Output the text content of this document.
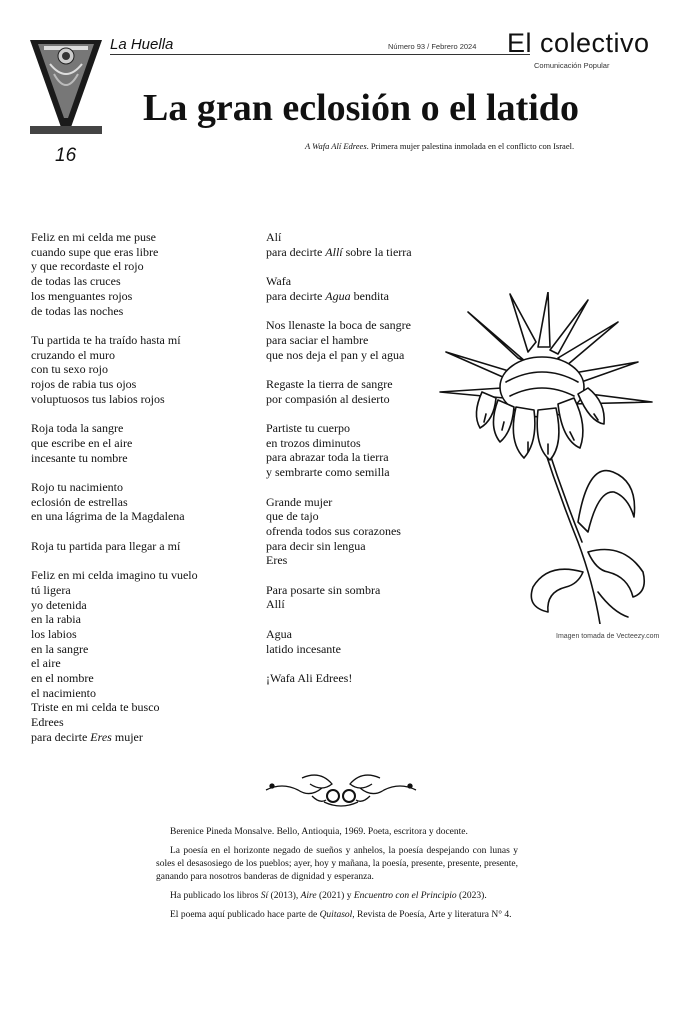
La Huella	Número 93 / Febrero 2024 El colectivo
Comunicación Popular
La gran eclosión o el latido
16	A Wafa Alí Edrees. Primera mujer palestina inmolada en el conflicto con Israel.
Feliz en mi celda me puse
cuando supe que eras libre
y que recordaste el rojo
de todas las cruces
los menguantes rojos
de todas las noches
Tu partida te ha traído hasta mí
cruzando el muro
con tu sexo rojo
rojos de rabia tus ojos
voluptuosos tus labios rojos
Roja toda la sangre
que escribe en el aire
incesante tu nombre
Rojo tu nacimiento
eclosión de estrellas
en una lágrima de la Magdalena
Roja tu partida para llegar a mí
Feliz en mi celda imagino tu vuelo
tú ligera
yo detenida
en la rabia
los labios
en la sangre
el aire
en el nombre
el nacimiento
Triste en mi celda te busco
Edrees
para decirte Eres mujer
Alí
para decirte Allí sobre la tierra
Wafa
para decirte Agua bendita
Nos llenaste la boca de sangre
para saciar el hambre
que nos deja el pan y el agua
Regaste la tierra de sangre
por compasión al desierto
Partiste tu cuerpo
en trozos diminutos
para abrazar toda la tierra
y sembrarte como semilla
Grande mujer
que de tajo
ofrenda todos sus corazones
para decir sin lengua
Eres
Para posarte sin sombra
Allí
Agua
latido incesante
¡Wafa Ali Edrees!
Imagen tomada de Vecteezy.com

Berenice Pineda Monsalve. Bello, Antioquia, 1969. Poeta, escritora y docente.

La poesía en el horizonte negado de sueños y anhelos, la poesía despejando con lunas y soles el desasosiego de los pueblos; ayer, hoy y mañana, la poesía, presente, presente, presente, ganando para nosotros banderas de dignidad y esperanza.

Ha publicado los libros Sí (2013), Aire (2021) y Encuentro con el Principio (2023).

El poema aquí publicado hace parte de Quitasol, Revista de Poesía, Arte y literatura N° 4.
